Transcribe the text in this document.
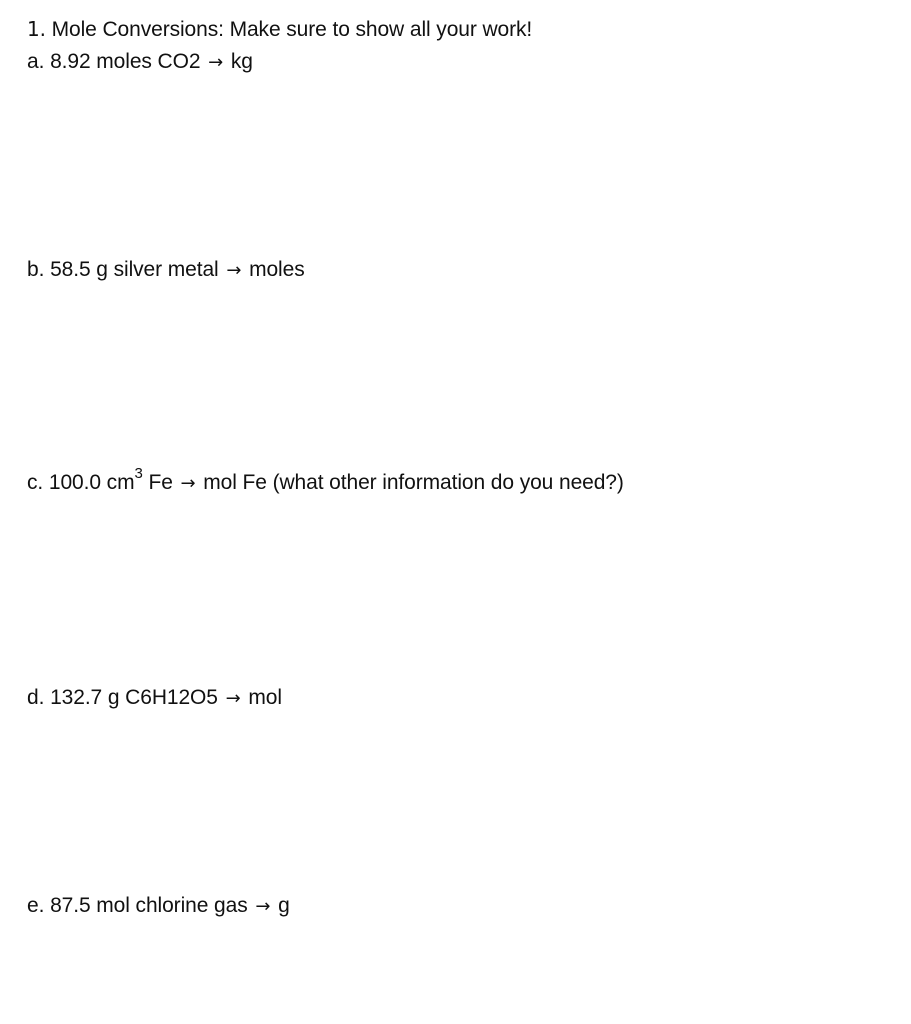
1. Mole Conversions: Make sure to show all your work!
a. 8.92 moles CO2 → kg
b. 58.5 g silver metal → moles
c. 100.0 $cm^3$ Fe → mol Fe (what other information do you need?)
d. 132.7 g C6H12O5 → mol
e. 87.5 mol chlorine gas → g
